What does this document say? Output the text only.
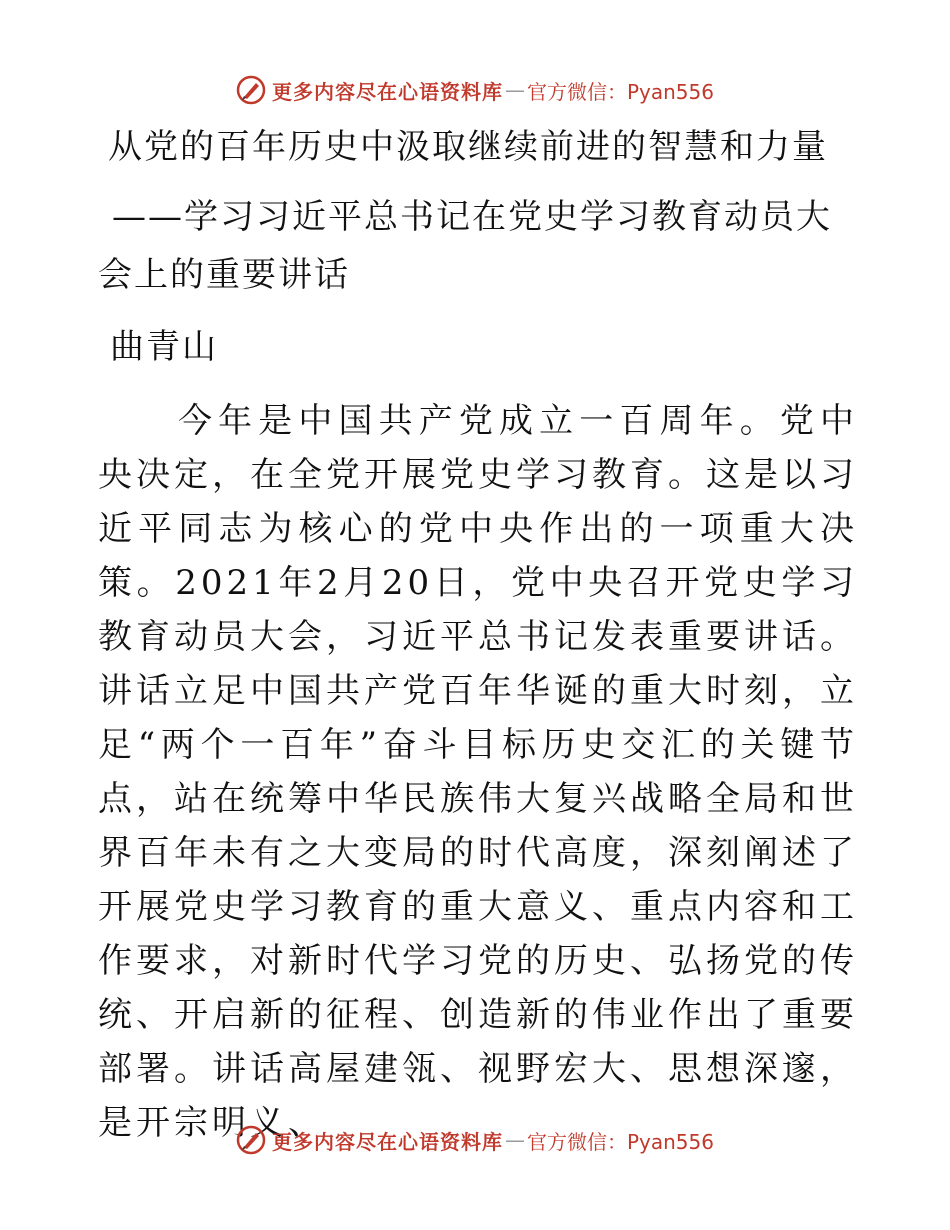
更多内容尽在心语资料库 — 官方微信：Pyan556
从党的百年历史中汲取继续前进的智慧和力量
——学习习近平总书记在党史学习教育动员大会上的重要讲话
曲青山

今年是中国共产党成立一百周年。党中央决定，在全党开展党史学习教育。这是以习近平同志为核心的党中央作出的一项重大决策。2021年2月20日，党中央召开党史学习教育动员大会，习近平总书记发表重要讲话。讲话立足中国共产党百年华诞的重大时刻，立足“两个一百年”奋斗目标历史交汇的关键节点，站在统筹中华民族伟大复兴战略全局和世界百年未有之大变局的时代高度，深刻阐述了开展党史学习教育的重大意义、重点内容和工作要求，对新时代学习党的历史、弘扬党的传统、开启新的征程、创造新的伟业作出了重要部署。讲话高屋建瓴、视野宏大、思想深邃，是开宗明义、

更多内容尽在心语资料库 — 官方微信：Pyan556
